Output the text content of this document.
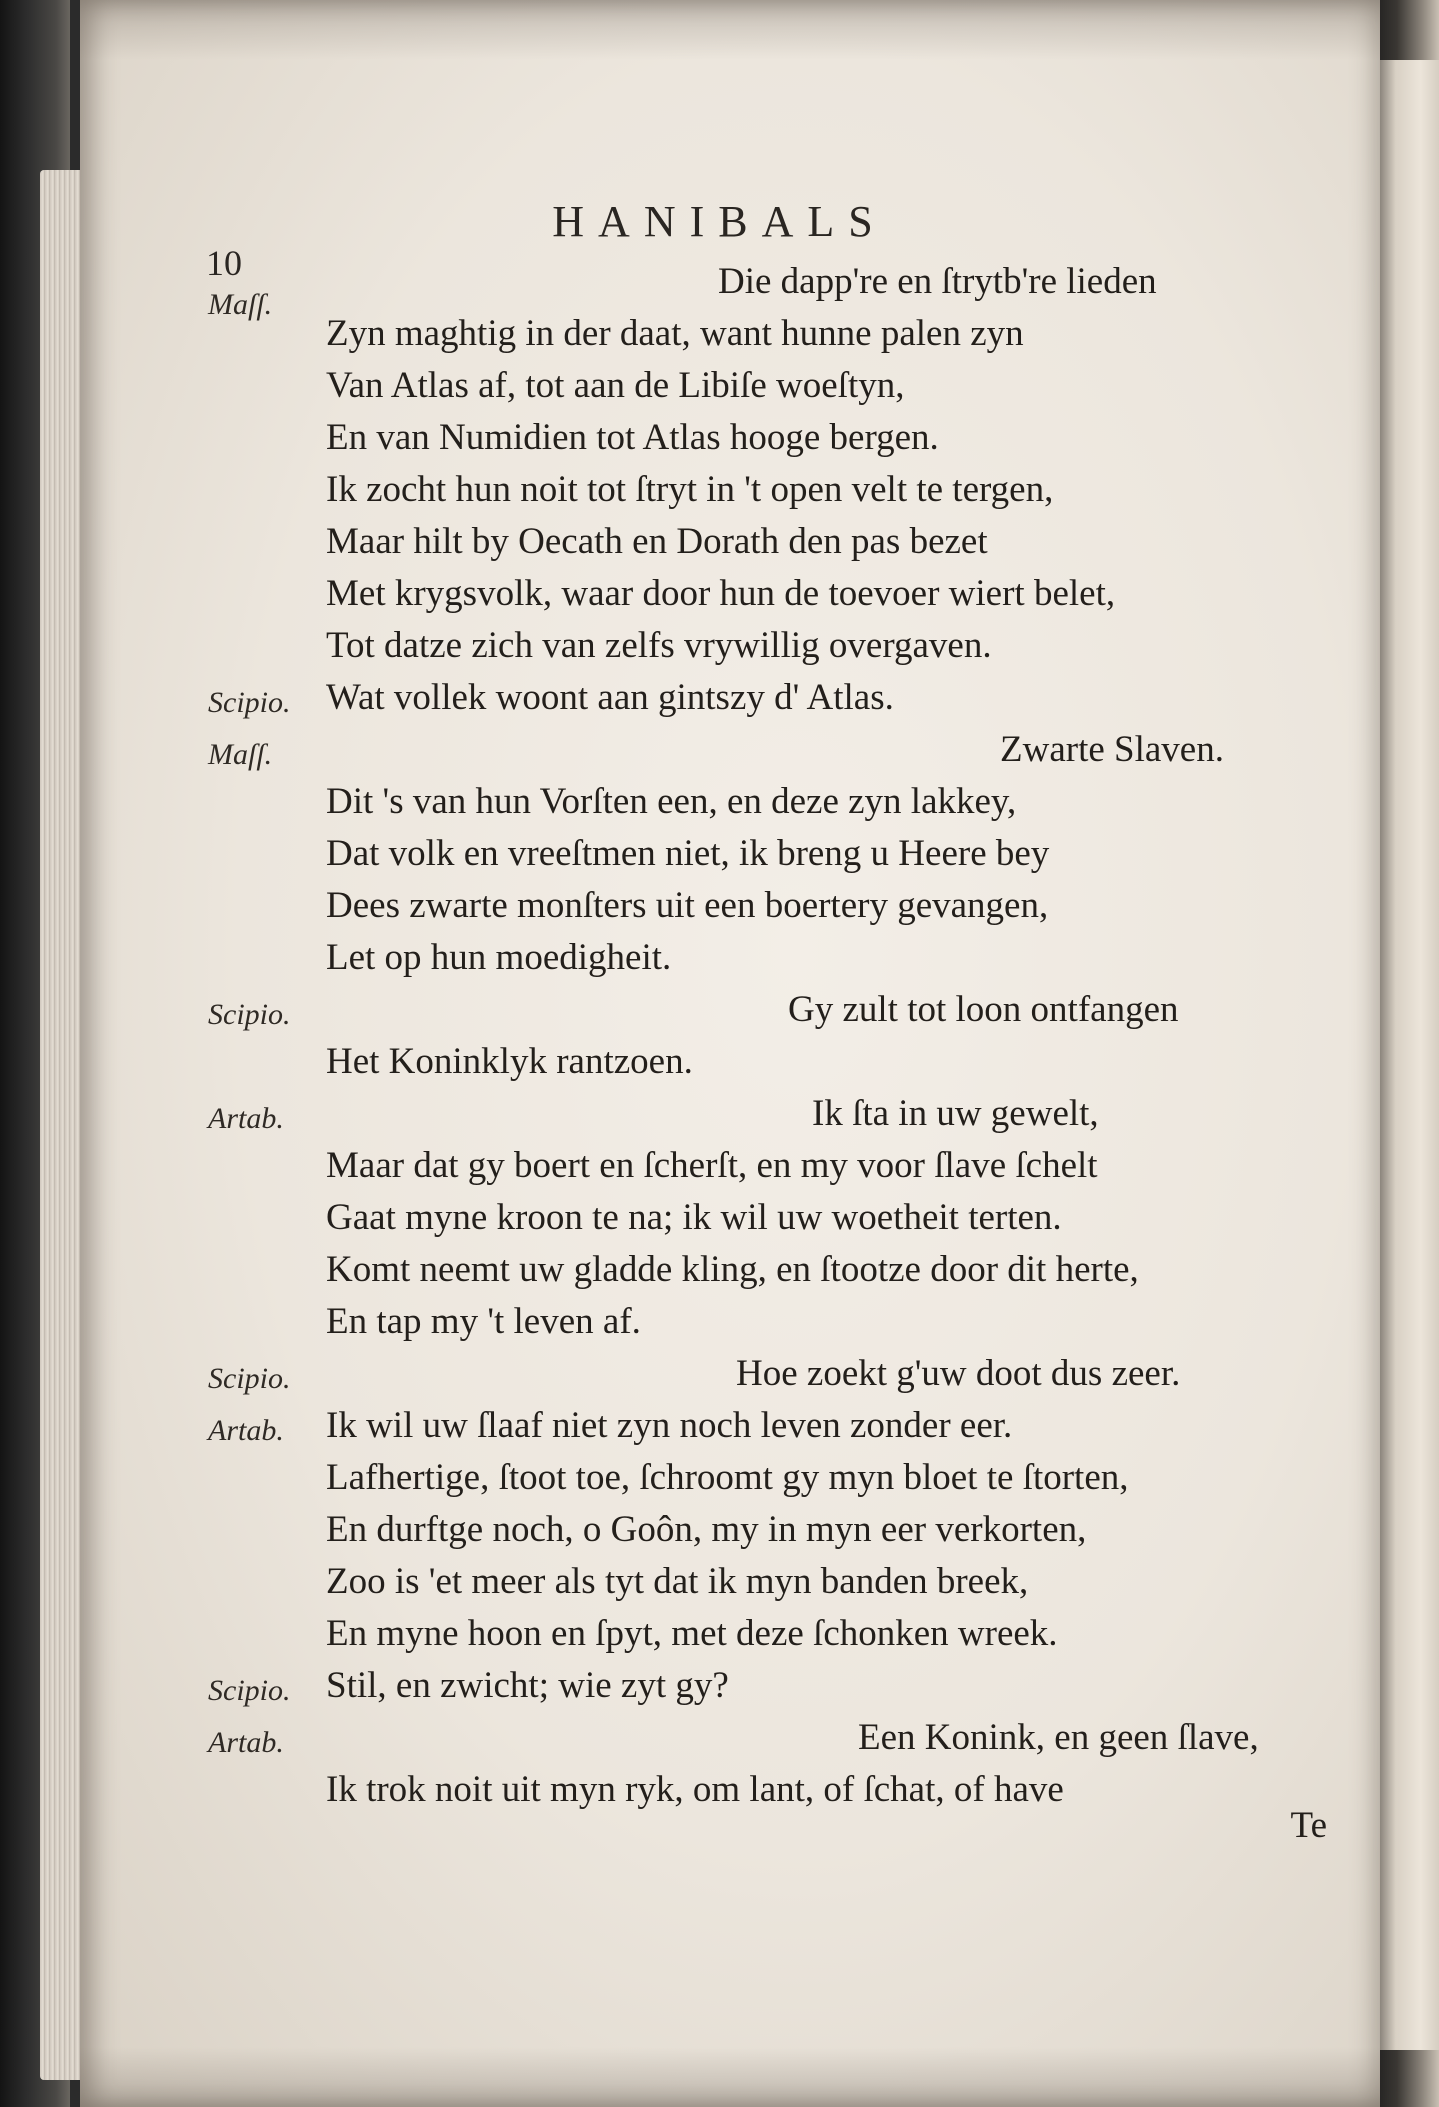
HANIBALS
10
Maſſ.
Die dapp're en ſtrytb're lieden
Zyn maghtig in der daat, want hunne palen zyn
Van Atlas af, tot aan de Libiſe woeſtyn,
En van Numidien tot Atlas hooge bergen.
Ik zocht hun noit tot ſtryt in 't open velt te tergen,
Maar hilt by Oecath en Dorath den pas bezet
Met krygsvolk, waar door hun de toevoer wiert belet,
Tot datze zich van zelfs vrywillig overgaven.
Scipio. Wat vollek woont aan gintszy d' Atlas.
Maſſ.	Zwarte Slaven.
Dit 's van hun Vorſten een, en deze zyn lakkey,
Dat volk en vreeſtmen niet, ik breng u Heere bey
Dees zwarte monſters uit een boertery gevangen,
Let op hun moedigheit.
Scipio.	Gy zult tot loon ontfangen
Het Koninklyk rantzoen.
Artab.	Ik ſta in uw gewelt,
Maar dat gy boert en ſcherſt, en my voor ſlave ſchelt
Gaat myne kroon te na; ik wil uw woetheit terten.
Komt neemt uw gladde kling, en ſtootze door dit herte,
En tap my 't leven af.
Scipio.	Hoe zoekt g'uw doot dus zeer.
Artab. Ik wil uw ſlaaf niet zyn noch leven zonder eer.
Lafhertige, ſtoot toe, ſchroomt gy myn bloet te ſtorten,
En durftge noch, o Goôn, my in myn eer verkorten,
Zoo is 'et meer als tyt dat ik myn banden breek,
En myne hoon en ſpyt, met deze ſchonken wreek.
Scipio. Stil, en zwicht; wie zyt gy?
Artab.	Een Konink, en geen ſlave,
Ik trok noit uit myn ryk, om lant, of ſchat, of have
Te
